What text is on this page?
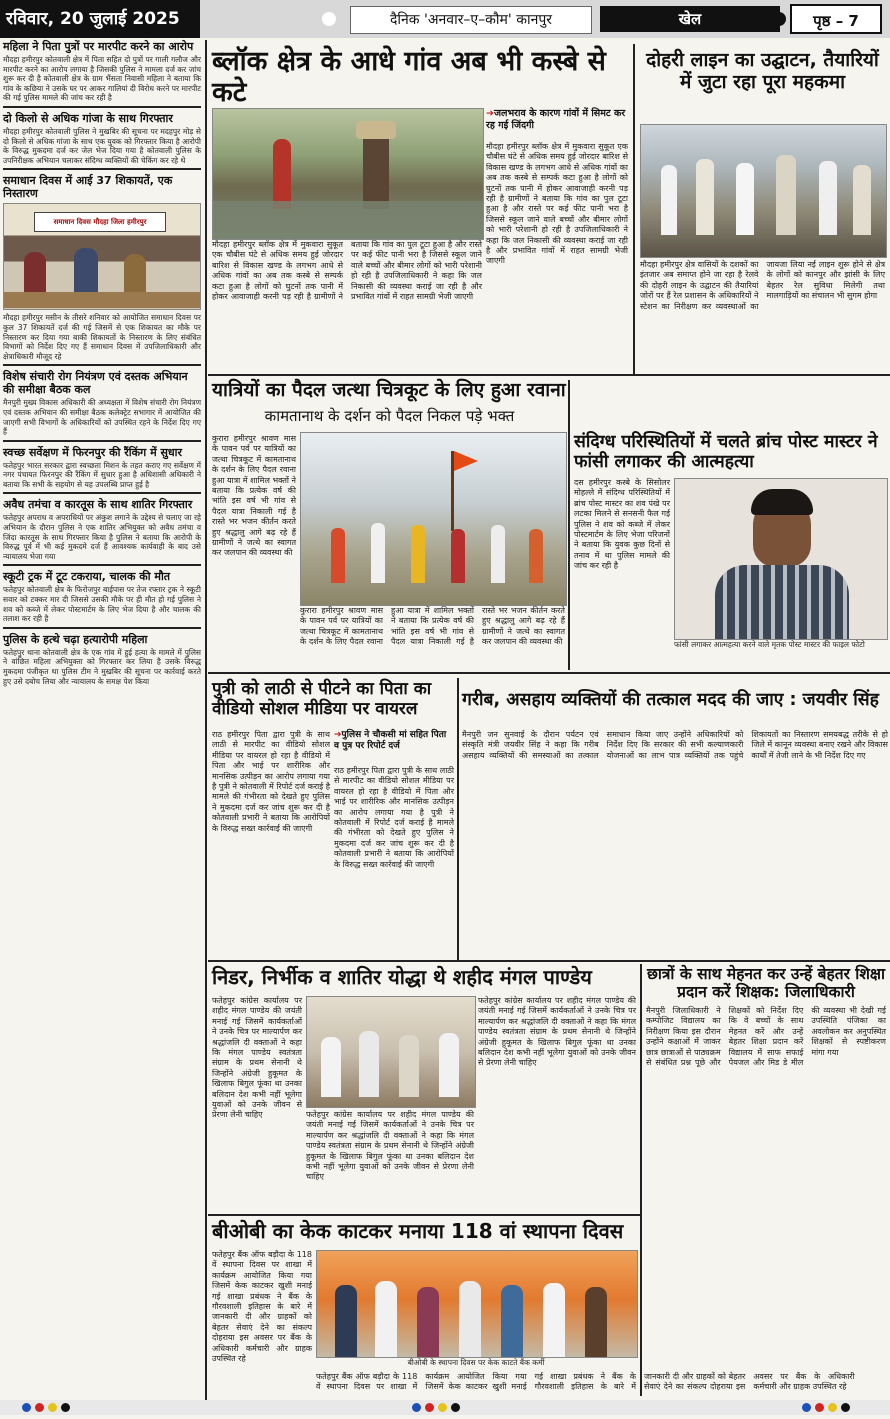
रविवार, 20 जुलाई 2025	दैनिक 'अनवार–ए–कौम' कानपुर	खेल	पृष्ठ – 7
महिला ने पिता पुत्रों पर मारपीट करने का आरोप

मौदहा हमीरपुर कोतवाली क्षेत्र में पिता सहित दो पुत्रों पर गाली गलौज और मारपीट करने का आरोप लगाया है जिसकी पुलिस ने मामला दर्ज कर जांच शुरू कर दी है कोतवाली क्षेत्र के ग्राम भैंसता निवासी महिला ने बताया कि गांव के कछिया ने उसके घर पर आकर गालियां दी विरोध करने पर मारपीट की गई पुलिस मामले की जांच कर रही है

दो किलो से अधिक गांजा के साथ गिरफ्तार

मौदहा हमीरपुर कोतवाली पुलिस ने मुखबिर की सूचना पर मदहपुर मोड़ से दो किलो से अधिक गांजा के साथ एक युवक को गिरफ्तार किया है आरोपी के विरुद्ध मुकदमा दर्ज कर जेल भेज दिया गया है कोतवाली पुलिस के उपनिरीक्षक अभियान चलाकर संदिग्ध व्यक्तियों की चेकिंग कर रहे थे

समाधान दिवस में आई 37 शिकायतें, एक निस्तारण
समाधान दिवस मौदहा जिला हमीरपुर

मौदहा हमीरपुर मसीन के तीसरे शनिवार को आयोजित समाधान दिवस पर कुल 37 शिकायतें दर्ज की गई जिसमें से एक शिकायत का मौके पर निस्तारण कर दिया गया बाकी शिकायतों के निस्तारण के लिए संबंधित विभागों को निर्देश दिए गए हैं समाधान दिवस में उपजिलाधिकारी और क्षेत्राधिकारी मौजूद रहे

विशेष संचारी रोग नियंत्रण एवं दस्तक अभियान की समीक्षा बैठक कल

मैनपुरी मुख्य विकास अधिकारी की अध्यक्षता में विशेष संचारी रोग नियंत्रण एवं दस्तक अभियान की समीक्षा बैठक कलेक्ट्रेट सभागार में आयोजित की जाएगी सभी विभागों के अधिकारियों को उपस्थित रहने के निर्देश दिए गए हैं

स्वच्छ सर्वेक्षण में फिरनपुर की रैंकिंग में सुधार

फतेहपुर भारत सरकार द्वारा स्वच्छता मिशन के तहत कराए गए सर्वेक्षण में नगर पंचायत फिरनपुर की रैंकिंग में सुधार हुआ है अधिशासी अधिकारी ने बताया कि सभी के सहयोग से यह उपलब्धि प्राप्त हुई है

अवैध तमंचा व कारतूस के साथ शातिर गिरफ्तार

फतेहपुर अपराध व अपराधियों पर अंकुश लगाने के उद्देश्य से चलाए जा रहे अभियान के दौरान पुलिस ने एक शातिर अभियुक्त को अवैध तमंचा व जिंदा कारतूस के साथ गिरफ्तार किया है पुलिस ने बताया कि आरोपी के विरुद्ध पूर्व में भी कई मुकदमे दर्ज हैं आवश्यक कार्यवाही के बाद उसे न्यायालय भेजा गया

स्कूटी ट्रक में टूट टकराया, चालक की मौत

फतेहपुर कोतवाली क्षेत्र के फिरोजपुर बाईपास पर तेज रफ्तार ट्रक ने स्कूटी सवार को टक्कर मार दी जिससे उसकी मौके पर ही मौत हो गई पुलिस ने शव को कब्जे में लेकर पोस्टमार्टम के लिए भेज दिया है और चालक की तलाश कर रही है

पुलिस के हत्थे चढ़ा हत्यारोपी महिला

फतेहपुर थाना कोतवाली क्षेत्र के एक गांव में हुई हत्या के मामले में पुलिस ने वांछित महिला अभियुक्ता को गिरफ्तार कर लिया है उसके विरुद्ध मुकदमा पंजीकृत था पुलिस टीम ने मुखबिर की सूचना पर कार्रवाई करते हुए उसे दबोच लिया और न्यायालय के समक्ष पेश किया

ब्लॉक क्षेत्र के आधे गांव अब भी कस्बे से कटे
➔जलभराव के कारण गांवों में सिमट कर रह गई जिंदगी
मौदहा हमीरपुर ब्लॉक क्षेत्र में मुकवारा सुकूत एक चौबीस घंटे से अधिक समय हुई जोरदार बारिश से विकास खण्ड के लगभग आधे से अधिक गांवों का अब तक कस्बे से सम्पर्क कटा हुआ है लोगों को घुटनों तक पानी में होकर आवाजाही करनी पड़ रही है ग्रामीणों ने बताया कि गांव का पुल टूटा हुआ है और रास्ते पर कई फीट पानी भरा है जिससे स्कूल जाने वाले बच्चों और बीमार लोगों को भारी परेशानी हो रही है उपजिलाधिकारी ने कहा कि जल निकासी की व्यवस्था कराई जा रही है और प्रभावित गांवों में राहत सामग्री भेजी जाएगी
मौदहा हमीरपुर ब्लॉक क्षेत्र में मुकवारा सुकूत एक चौबीस घंटे से अधिक समय हुई जोरदार बारिश से विकास खण्ड के लगभग आधे से अधिक गांवों का अब तक कस्बे से सम्पर्क कटा हुआ है लोगों को घुटनों तक पानी में होकर आवाजाही करनी पड़ रही है ग्रामीणों ने बताया कि गांव का पुल टूटा हुआ है और रास्ते पर कई फीट पानी भरा है जिससे स्कूल जाने वाले बच्चों और बीमार लोगों को भारी परेशानी हो रही है उपजिलाधिकारी ने कहा कि जल निकासी की व्यवस्था कराई जा रही है और प्रभावित गांवों में राहत सामग्री भेजी जाएगी
दोहरी लाइन का उद्घाटन, तैयारियों में जुटा रहा पूरा महकमा
मौदहा हमीरपुर क्षेत्र वासियों के दशकों का इंतजार अब समाप्त होने जा रहा है रेलवे की दोहरी लाइन के उद्घाटन की तैयारियां जोरों पर हैं रेल प्रशासन के अधिकारियों ने स्टेशन का निरीक्षण कर व्यवस्थाओं का जायजा लिया नई लाइन शुरू होने से क्षेत्र के लोगों को कानपुर और झांसी के लिए बेहतर रेल सुविधा मिलेगी तथा मालगाड़ियों का संचालन भी सुगम होगा
यात्रियों का पैदल जत्था चित्रकूट के लिए हुआ रवाना
कामतानाथ के दर्शन को पैदल निकल पड़े भक्त
कुरारा हमीरपुर श्रावण मास के पावन पर्व पर यात्रियों का जत्था चित्रकूट में कामतानाथ के दर्शन के लिए पैदल रवाना हुआ यात्रा में शामिल भक्तों ने बताया कि प्रत्येक वर्ष की भांति इस वर्ष भी गांव से पैदल यात्रा निकाली गई है रास्ते भर भजन कीर्तन करते हुए श्रद्धालु आगे बढ़ रहे हैं ग्रामीणों ने जत्थे का स्वागत कर जलपान की व्यवस्था की
कुरारा हमीरपुर श्रावण मास के पावन पर्व पर यात्रियों का जत्था चित्रकूट में कामतानाथ के दर्शन के लिए पैदल रवाना हुआ यात्रा में शामिल भक्तों ने बताया कि प्रत्येक वर्ष की भांति इस वर्ष भी गांव से पैदल यात्रा निकाली गई है रास्ते भर भजन कीर्तन करते हुए श्रद्धालु आगे बढ़ रहे हैं ग्रामीणों ने जत्थे का स्वागत कर जलपान की व्यवस्था की
संदिग्ध परिस्थितियों में चलते ब्रांच पोस्ट मास्टर ने फांसी लगाकर की आत्महत्या
दस हमीरपुर कस्बे के सिसोलर मोहल्ले में संदिग्ध परिस्थितियों में ब्रांच पोस्ट मास्टर का शव पंखे पर लटका मिलने से सनसनी फैल गई पुलिस ने शव को कब्जे में लेकर पोस्टमार्टम के लिए भेजा परिजनों ने बताया कि युवक कुछ दिनों से तनाव में था पुलिस मामले की जांच कर रही है
फांसी लगाकर आत्महत्या करने वाले मृतक पोस्ट मास्टर की फाइल फोटो
पुत्री को लाठी से पीटने का पिता का वीडियो सोशल मीडिया पर वायरल
राठ हमीरपुर पिता द्वारा पुत्री के साथ लाठी से मारपीट का वीडियो सोशल मीडिया पर वायरल हो रहा है वीडियो में पिता और भाई पर शारीरिक और मानसिक उत्पीड़न का आरोप लगाया गया है पुत्री ने कोतवाली में रिपोर्ट दर्ज कराई है मामले की गंभीरता को देखते हुए पुलिस ने मुकदमा दर्ज कर जांच शुरू कर दी है कोतवाली प्रभारी ने बताया कि आरोपियों के विरुद्ध सख्त कार्रवाई की जाएगी
➔पुलिस ने चौकसी मां सहित पिता व पुत्र पर रिपोर्ट दर्ज
राठ हमीरपुर पिता द्वारा पुत्री के साथ लाठी से मारपीट का वीडियो सोशल मीडिया पर वायरल हो रहा है वीडियो में पिता और भाई पर शारीरिक और मानसिक उत्पीड़न का आरोप लगाया गया है पुत्री ने कोतवाली में रिपोर्ट दर्ज कराई है मामले की गंभीरता को देखते हुए पुलिस ने मुकदमा दर्ज कर जांच शुरू कर दी है कोतवाली प्रभारी ने बताया कि आरोपियों के विरुद्ध सख्त कार्रवाई की जाएगी
गरीब, असहाय व्यक्तियों की तत्काल मदद की जाए : जयवीर सिंह
मैनपुरी जन सुनवाई के दौरान पर्यटन एवं संस्कृति मंत्री जयवीर सिंह ने कहा कि गरीब असहाय व्यक्तियों की समस्याओं का तत्काल समाधान किया जाए उन्होंने अधिकारियों को निर्देश दिए कि सरकार की सभी कल्याणकारी योजनाओं का लाभ पात्र व्यक्तियों तक पहुंचे शिकायतों का निस्तारण समयबद्ध तरीके से हो जिले में कानून व्यवस्था बनाए रखने और विकास कार्यों में तेजी लाने के भी निर्देश दिए गए
निडर, निर्भीक व शातिर योद्धा थे शहीद मंगल पाण्डेय
फतेहपुर कांग्रेस कार्यालय पर शहीद मंगल पाण्डेय की जयंती मनाई गई जिसमें कार्यकर्ताओं ने उनके चित्र पर माल्यार्पण कर श्रद्धांजलि दी वक्ताओं ने कहा कि मंगल पाण्डेय स्वतंत्रता संग्राम के प्रथम सेनानी थे जिन्होंने अंग्रेजी हुकूमत के खिलाफ बिगुल फूंका था उनका बलिदान देश कभी नहीं भूलेगा युवाओं को उनके जीवन से प्रेरणा लेनी चाहिए	फतेहपुर कांग्रेस कार्यालय पर शहीद मंगल पाण्डेय की जयंती मनाई गई जिसमें कार्यकर्ताओं ने उनके चित्र पर माल्यार्पण कर श्रद्धांजलि दी वक्ताओं ने कहा कि मंगल पाण्डेय स्वतंत्रता संग्राम के प्रथम सेनानी थे जिन्होंने अंग्रेजी हुकूमत के खिलाफ बिगुल फूंका था उनका बलिदान देश कभी नहीं भूलेगा युवाओं को उनके जीवन से प्रेरणा लेनी चाहिए
फतेहपुर कांग्रेस कार्यालय पर शहीद मंगल पाण्डेय की जयंती मनाई गई जिसमें कार्यकर्ताओं ने उनके चित्र पर माल्यार्पण कर श्रद्धांजलि दी वक्ताओं ने कहा कि मंगल पाण्डेय स्वतंत्रता संग्राम के प्रथम सेनानी थे जिन्होंने अंग्रेजी हुकूमत के खिलाफ बिगुल फूंका था उनका बलिदान देश कभी नहीं भूलेगा युवाओं को उनके जीवन से प्रेरणा लेनी चाहिए
छात्रों के साथ मेहनत कर उन्हें बेहतर शिक्षा प्रदान करें शिक्षक: जिलाधिकारी
मैनपुरी जिलाधिकारी ने कम्पोजिट विद्यालय का निरीक्षण किया इस दौरान उन्होंने कक्षाओं में जाकर छात्र छात्राओं से पाठ्यक्रम से संबंधित प्रश्न पूछे और शिक्षकों को निर्देश दिए कि वे बच्चों के साथ मेहनत करें और उन्हें बेहतर शिक्षा प्रदान करें विद्यालय में साफ सफाई पेयजल और मिड डे मील की व्यवस्था भी देखी गई उपस्थिति पंजिका का अवलोकन कर अनुपस्थित शिक्षकों से स्पष्टीकरण मांगा गया
बीओबी का केक काटकर मनाया 118 वां स्थापना दिवस
फतेहपुर बैंक ऑफ बड़ौदा के 118 वें स्थापना दिवस पर शाखा में कार्यक्रम आयोजित किया गया जिसमें केक काटकर खुशी मनाई गई शाखा प्रबंधक ने बैंक के गौरवशाली इतिहास के बारे में जानकारी दी और ग्राहकों को बेहतर सेवाएं देने का संकल्प दोहराया इस अवसर पर बैंक के अधिकारी कर्मचारी और ग्राहक उपस्थित रहे	बीओबी के स्थापना दिवस पर केक काटते बैंक कर्मी
फतेहपुर बैंक ऑफ बड़ौदा के 118 वें स्थापना दिवस पर शाखा में कार्यक्रम आयोजित किया गया जिसमें केक काटकर खुशी मनाई गई शाखा प्रबंधक ने बैंक के गौरवशाली इतिहास के बारे में जानकारी दी और ग्राहकों को बेहतर सेवाएं देने का संकल्प दोहराया इस अवसर पर बैंक के अधिकारी कर्मचारी और ग्राहक उपस्थित रहे
